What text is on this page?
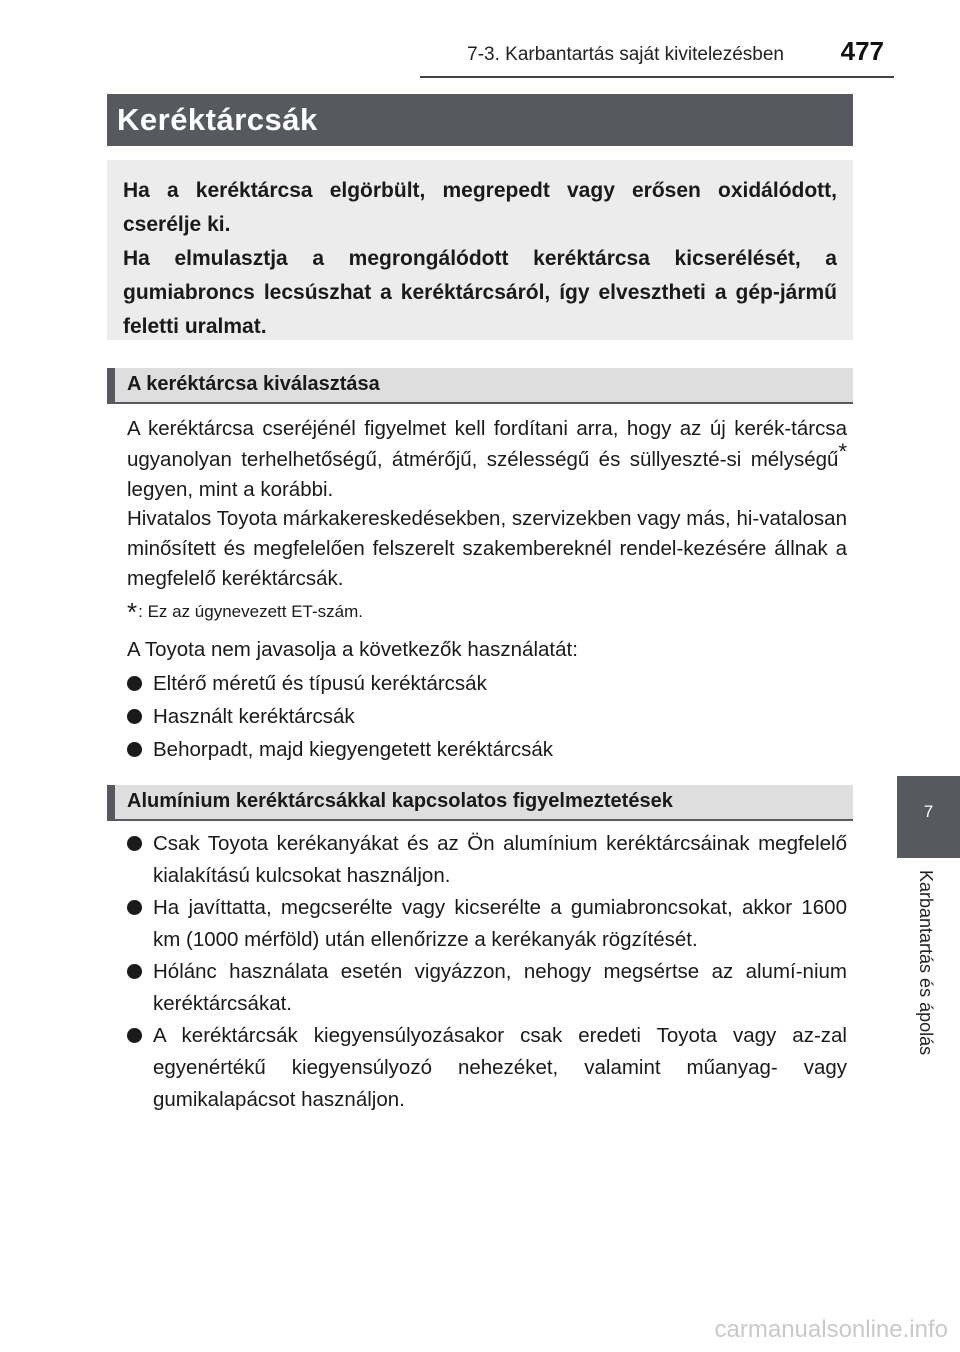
7-3. Karbantartás saját kivitelezésben 477
Keréktárcsák

Ha a keréktárcsa elgörbült, megrepedt vagy erősen oxidálódott, cserélje ki.

Ha elmulasztja a megrongálódott keréktárcsa kicserélését, a gumiabroncs lecsúszhat a keréktárcsáról, így elvesztheti a gép-jármű feletti uralmat.

A keréktárcsa kiválasztása

A keréktárcsa cseréjénél figyelmet kell fordítani arra, hogy az új kerék-tárcsa ugyanolyan terhelhetőségű, átmérőjű, szélességű és süllyeszté-si mélységű* legyen, mint a korábbi.

Hivatalos Toyota márkakereskedésekben, szervizekben vagy más, hi-vatalosan minősített és megfelelően felszerelt szakembereknél rendel-kezésére állnak a megfelelő keréktárcsák.

*: Ez az úgynevezett ET-szám.
A Toyota nem javasolja a következők használatát:
Eltérő méretű és típusú keréktárcsák
Használt keréktárcsák
Behorpadt, majd kiegyengetett keréktárcsák
Alumínium keréktárcsákkal kapcsolatos figyelmeztetések
Csak Toyota kerékanyákat és az Ön alumínium keréktárcsáinak megfelelő kialakítású kulcsokat használjon.
Ha javíttatta, megcserélte vagy kicserélte a gumiabroncsokat, akkor 1600 km (1000 mérföld) után ellenőrizze a kerékanyák rögzítését.
Hólánc használata esetén vigyázzon, nehogy megsértse az alumí-nium keréktárcsákat.
A keréktárcsák kiegyensúlyozásakor csak eredeti Toyota vagy az-zal egyenértékű kiegyensúlyozó nehezéket, valamint műanyag- vagy gumikalapácsot használjon.
7
Karbantartás és ápolás
carmanualsonline.info
